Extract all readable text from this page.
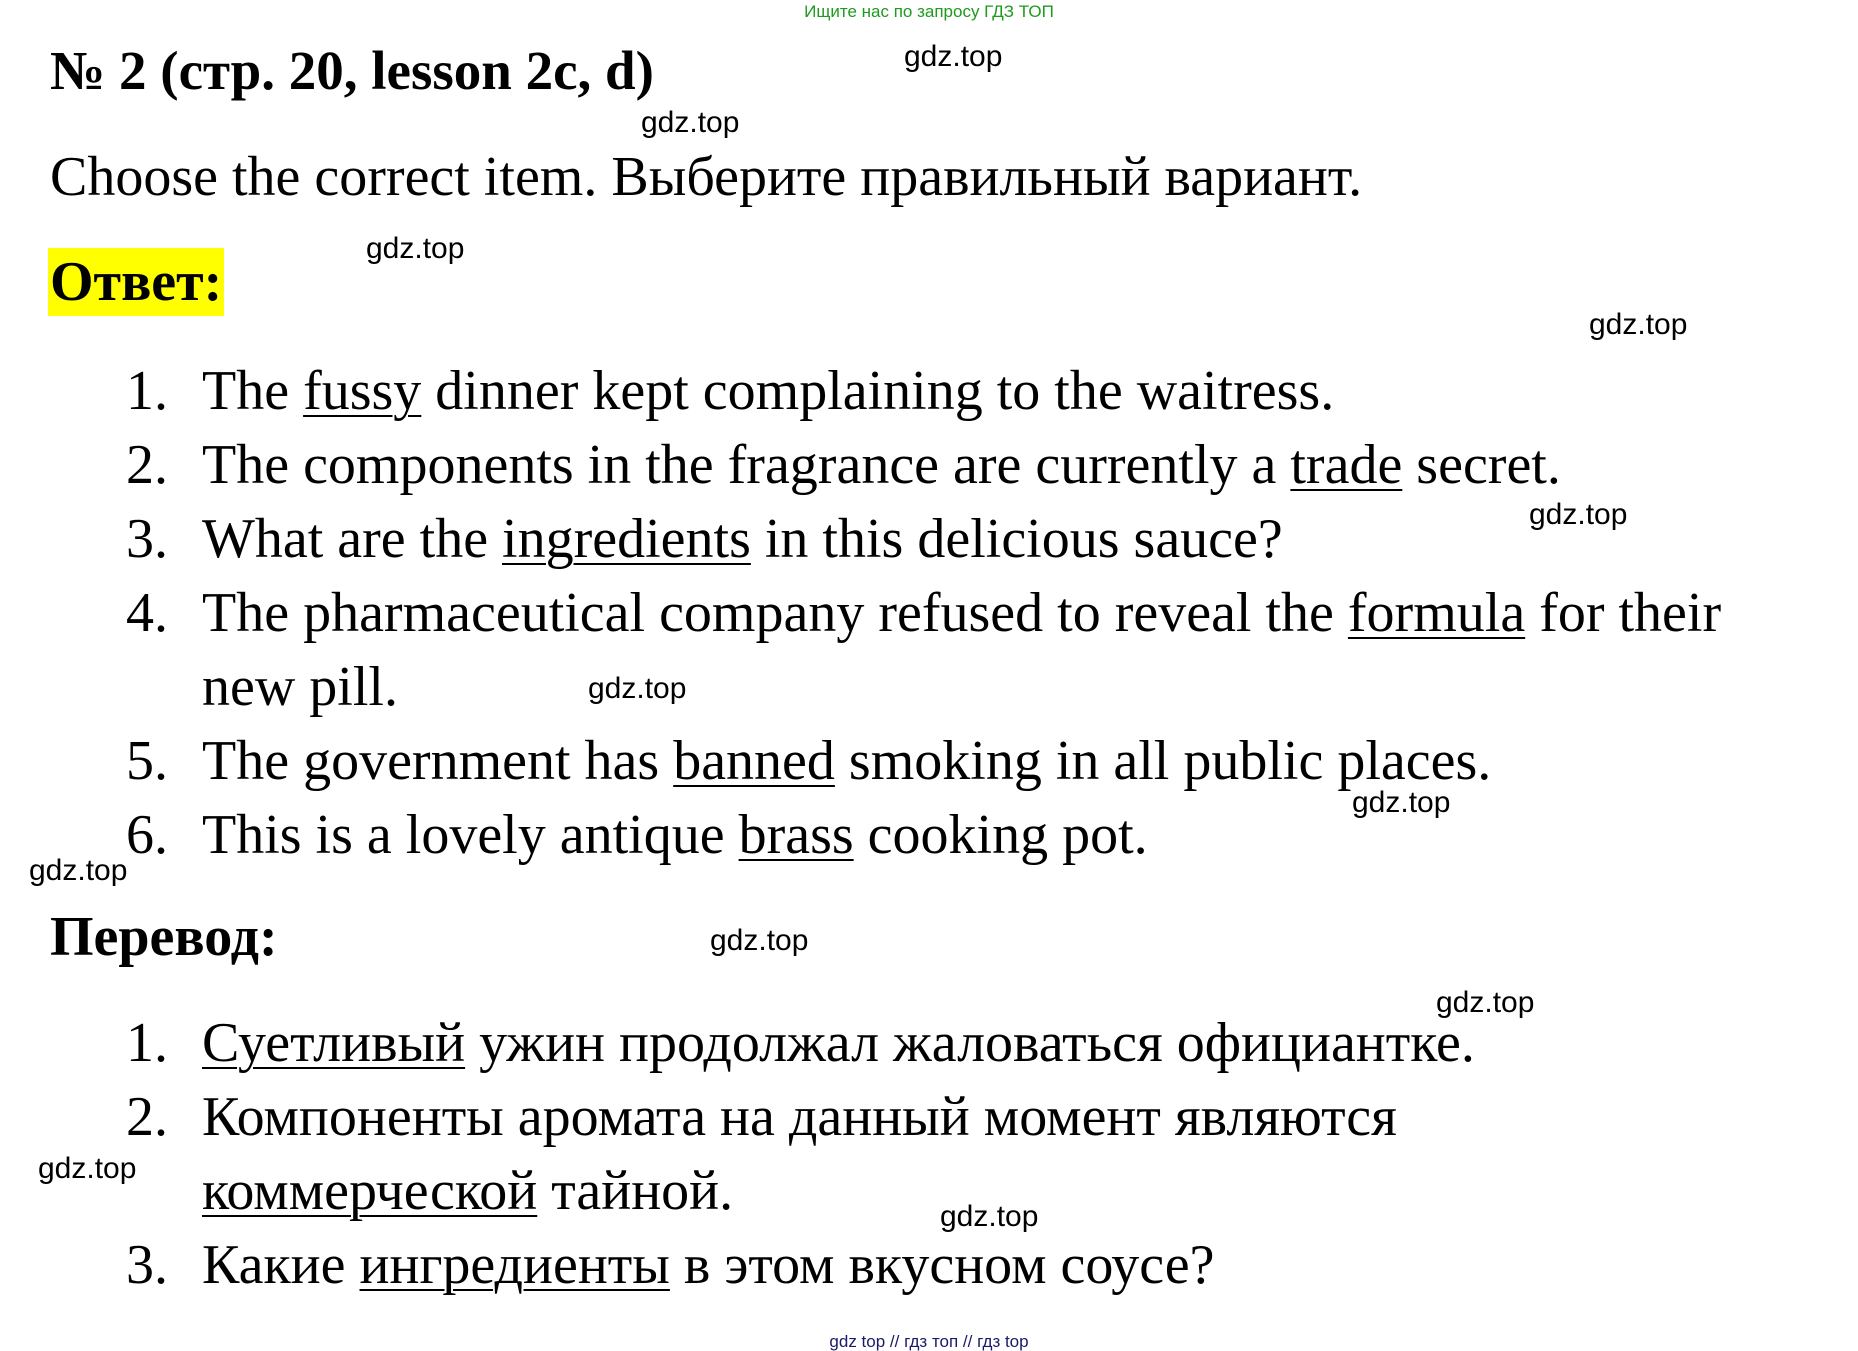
Ищите нас по запросу ГДЗ ТОП
№ 2 (стр. 20, lesson 2c, d)
Choose the correct item. Выберите правильный вариант.
Ответ:
1. The fussy dinner kept complaining to the waitress.
2. The components in the fragrance are currently a trade secret.
3. What are the ingredients in this delicious sauce?
4. The pharmaceutical company refused to reveal the formula for their new pill.
5. The government has banned smoking in all public places.
6. This is a lovely antique brass cooking pot.
Перевод:
1. Суетливый ужин продолжал жаловаться официантке.
2. Компоненты аромата на данный момент являются коммерческой тайной.
3. Какие ингредиенты в этом вкусном соусе?
gdz.top
gdz.top
gdz.top
gdz.top
gdz.top
gdz.top
gdz.top
gdz.top
gdz.top
gdz.top
gdz.top
gdz.top
gdz top // гдз топ // гдз top
